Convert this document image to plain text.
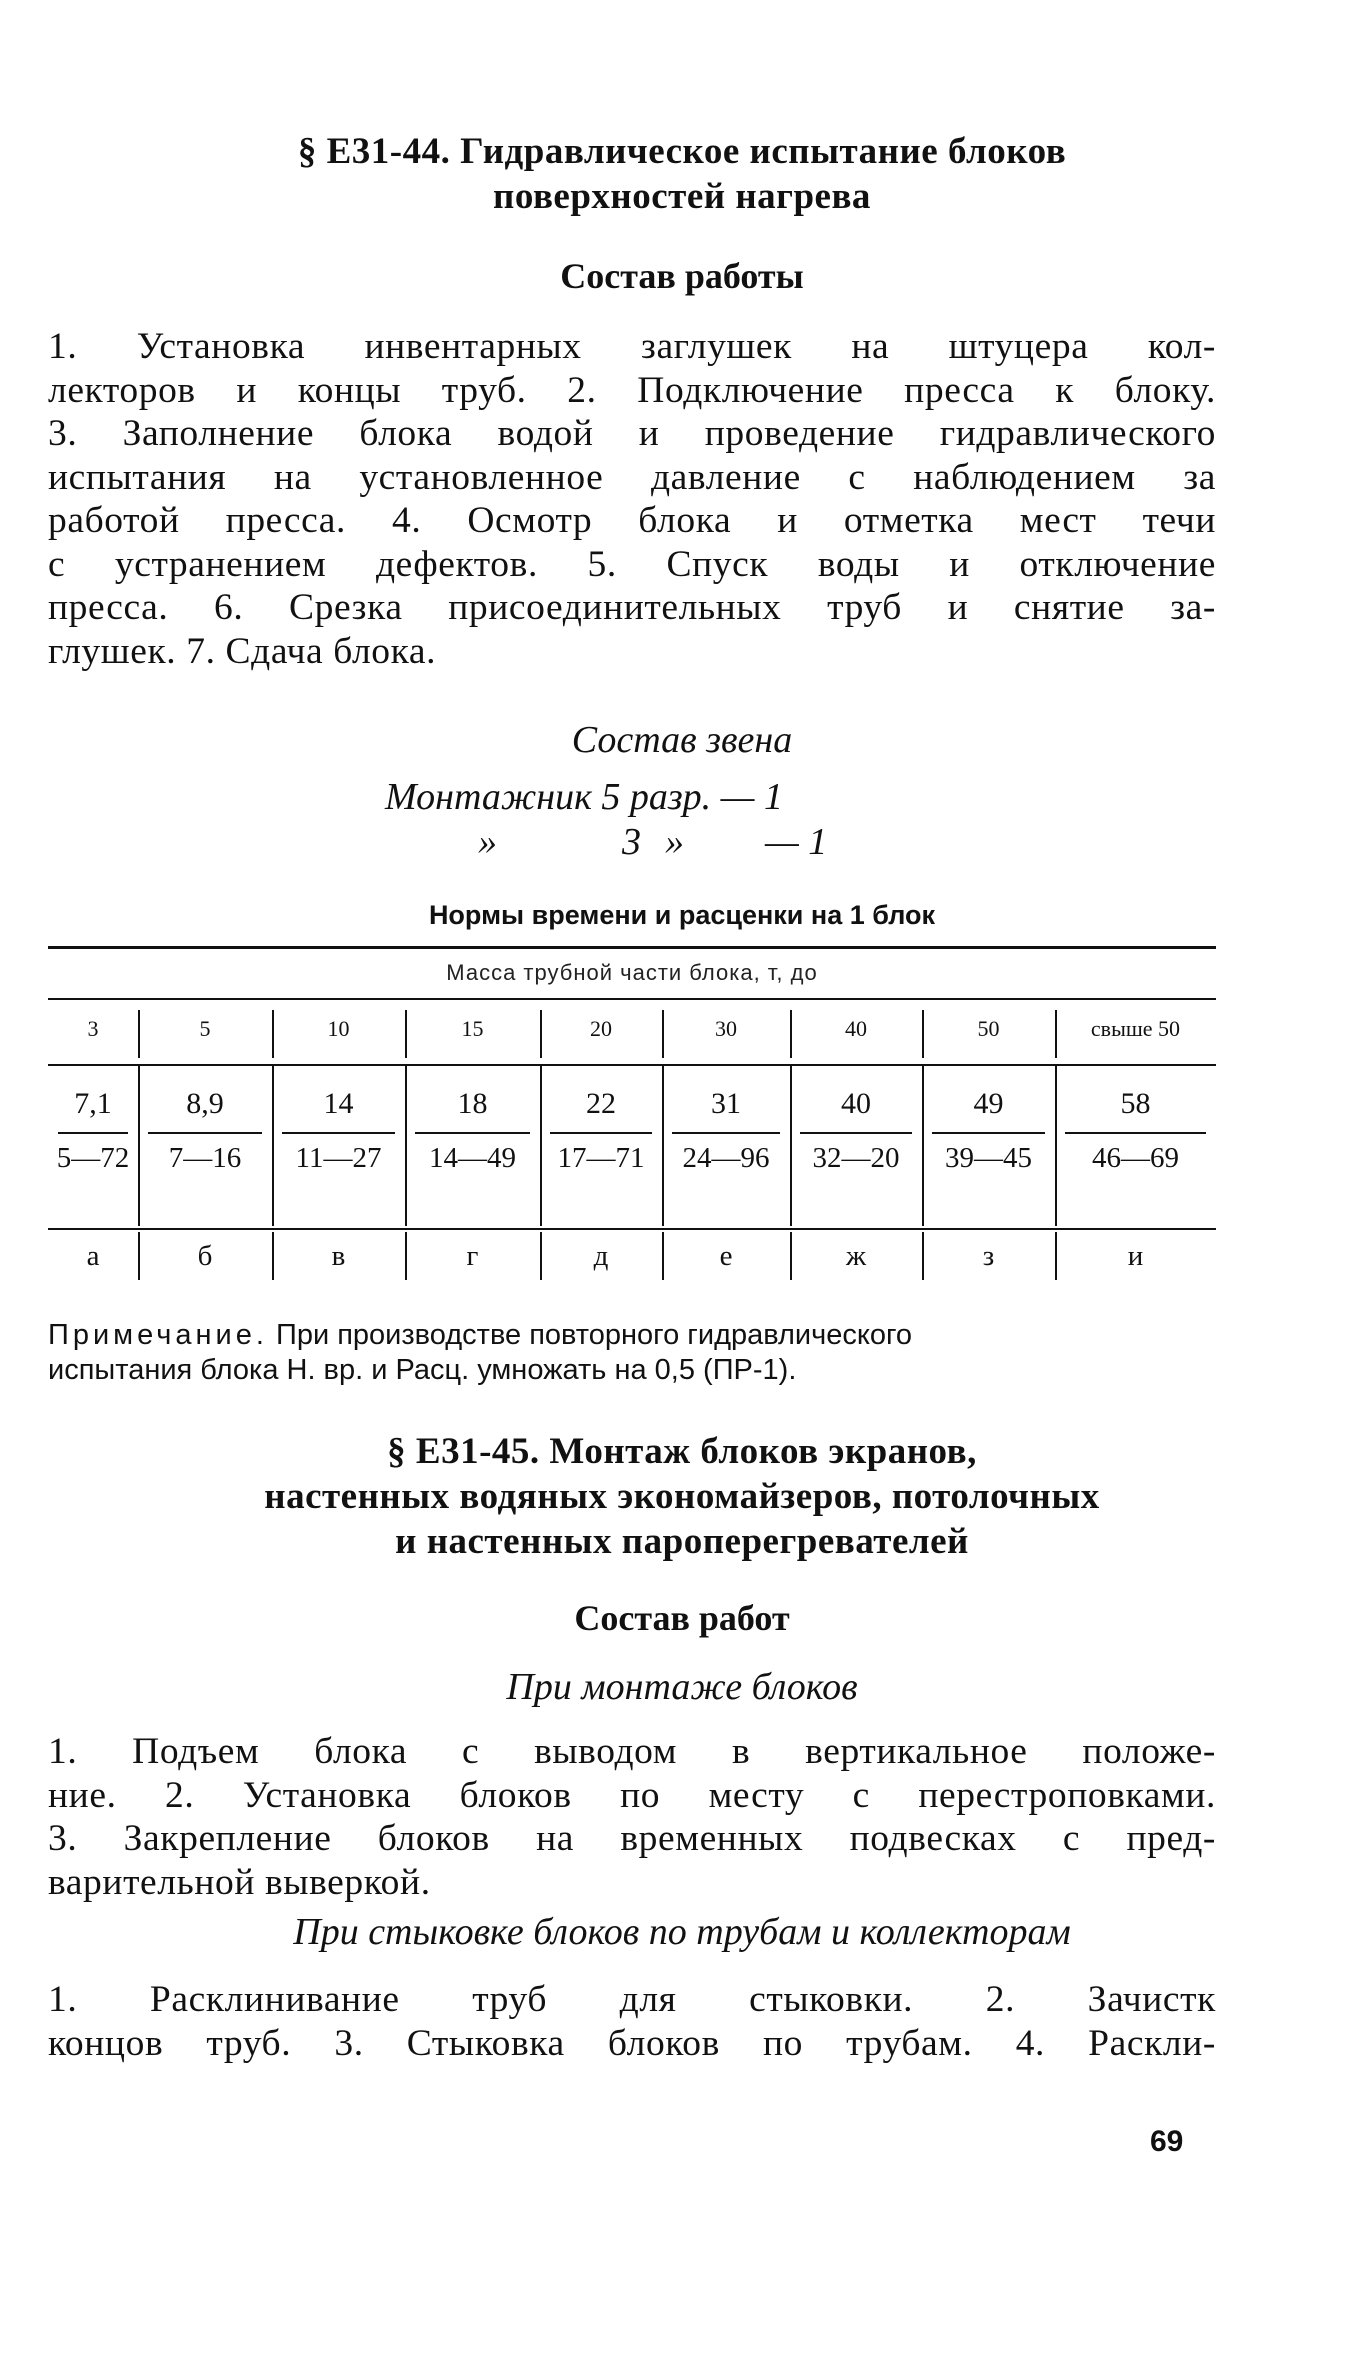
§ Е31-44. Гидравлическое испытание блоков
поверхностей нагрева
Состав работы
1. Установка инвентарных заглушек на штуцера кол-
лекторов и концы труб. 2. Подключение пресса к блоку.
3. Заполнение блока водой и проведение гидравлического
испытания на установленное давление с наблюдением за
работой пресса. 4. Осмотр блока и отметка мест течи
с устранением дефектов. 5. Спуск воды и отключение
пресса. 6. Срезка присоединительных труб и снятие за-
глушек. 7. Сдача блока.
Состав звена
Монтажник 5 разр. — 1
»	3 » — 1
Нормы времени и расценки на 1 блок
Масса трубной части блока, т, до
3
7,1
5—72
а
5
8,9
7—16
б
10
14
11—27
в
15
18
14—49
г
20
22
17—71
д
30
31
24—96
е
40
40
32—20
ж
50
49
39—45
з
свыше 50
58
46—69
и
Примечание. При производстве повторного гидравлического
испытания блока Н. вр. и Расц. умножать на 0,5 (ПР-1).
§ Е31-45. Монтаж блоков экранов,
настенных водяных экономайзеров, потолочных
и настенных пароперегревателей
Состав работ
При монтаже блоков
1. Подъем блока с выводом в вертикальное положе-
ние. 2. Установка блоков по месту с перестроповками.
3. Закрепление блоков на временных подвесках с пред-
варительной выверкой.
При стыковке блоков по трубам и коллекторам
1. Расклинивание труб для стыковки. 2. Зачистк
концов труб. 3. Стыковка блоков по трубам. 4. Раскли-
69
